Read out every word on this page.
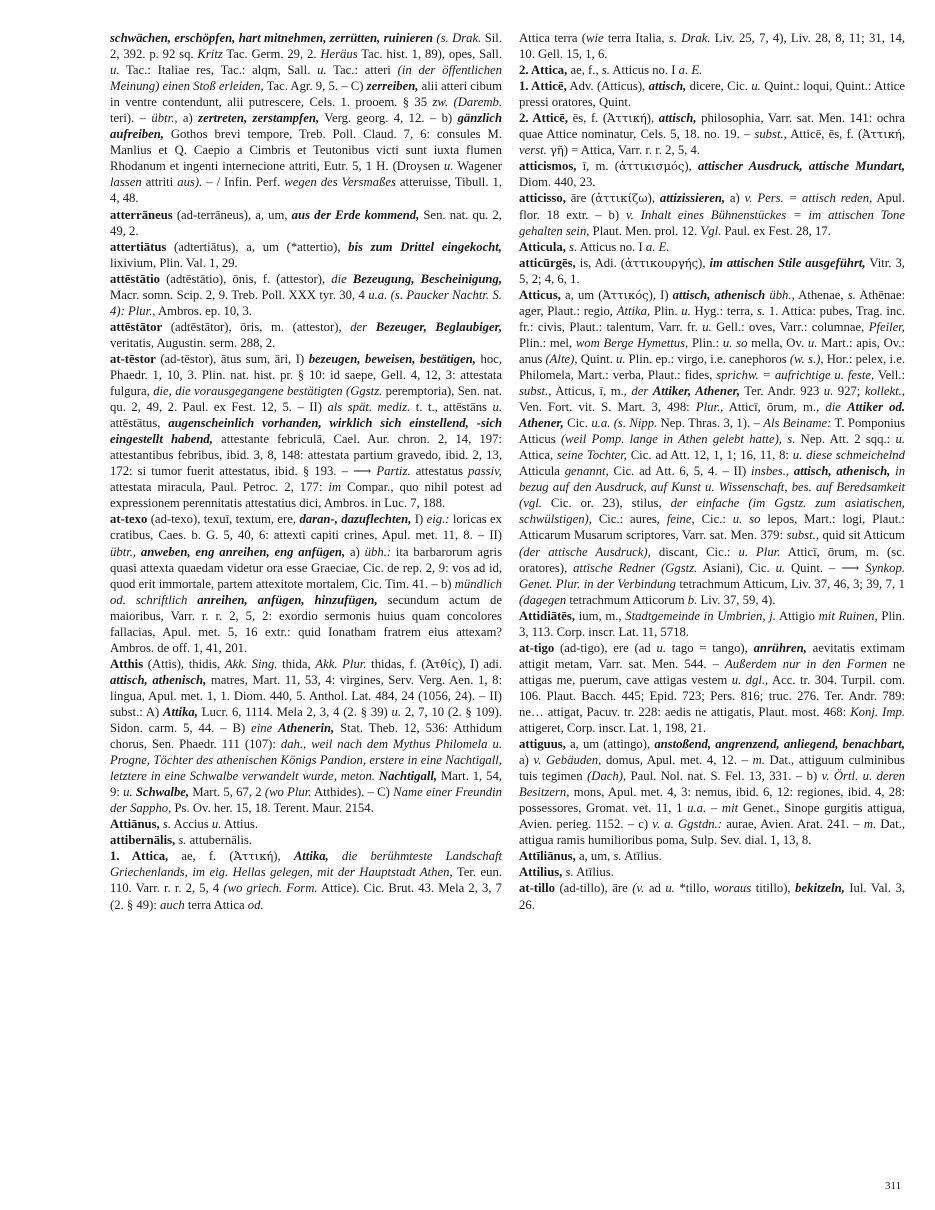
schwächen, erschöpfen, hart mitnehmen, zerrütten, ruinieren (s. Drak. Sil. 2, 392. p. 92 sq. Kritz Tac. Germ. 29, 2. Heräus Tac. hist. 1, 89), opes, Sall. u. Tac.: Italiae res, Tac.: alqm, Sall. u. Tac.: atteri (in der öffentlichen Meinung) einen Stoß erleiden, Tac. Agr. 9, 5. – C) zerreiben, alii atteri cibum in ventre contendunt, alii putrescere, Cels. 1. prooem. § 35 zw. (Daremb. teri). – übtr., a) zertreten, zerstampfen, Verg. georg. 4, 12. – b) gänzlich aufreiben, Gothos brevi tempore, Treb. Poll. Claud. 7, 6: consules M. Manlius et Q. Caepio a Cimbris et Teutonibus victi sunt iuxta flumen Rhodanum et ingenti internecione attriti, Eutr. 5, 1 H. (Droysen u. Wagener lassen attriti aus). – / Infin. Perf. wegen des Versmaßes atteruisse, Tibull. 1, 4, 48.

atterrāneus (ad-terrāneus), a, um, aus der Erde kommend, Sen. nat. qu. 2, 49, 2.

attertiātus (adtertiātus), a, um (*attertio), bis zum Drittel eingekocht, lixivium, Plin. Val. 1, 29.

attēstātio (adtēstātio), ōnis, f. (attestor), die Bezeugung, Bescheinigung, Macr. somn. Scip. 2, 9. Treb. Poll. XXX tyr. 30, 4 u.a. (s. Paucker Nachtr. S. 4): Plur., Ambros. ep. 10, 3.

attēstātor (adtēstātor), ōris, m. (attestor), der Bezeuger, Beglaubiger, veritatis, Augustin. serm. 288, 2.

at-tēstor (ad-tēstor), ātus sum, āri, I) bezeugen, beweisen, bestätigen, hoc, Phaedr. 1, 10, 3. Plin. nat. hist. pr. § 10: id saepe, Gell. 4, 12, 3: attestata fulgura, die, die vorausgegangene bestätigten (Ggstz. peremptoria), Sen. nat. qu. 2, 49, 2. Paul. ex Fest. 12, 5. – II) als spät. mediz. t. t., attēstāns u. attēstātus, augenscheinlich vorhanden, wirklich sich einstellend, -sich eingestellt habend, attestante febriculā, Cael. Aur. chron. 2, 14, 197: attestantibus febribus, ibid. 3, 8, 148: attestata partium gravedo, ibid. 2, 13, 172: si tumor fuerit attestatus, ibid. § 193. – ⟶ Partiz. attestatus passiv, attestata miracula, Paul. Petroc. 2, 177: im Compar., quo nihil potest ad expressionem perennitatis attestatius dici, Ambros. in Luc. 7, 188.

at-texo (ad-texo), texuī, textum, ere, daran-, dazuflechten, I) eig.: loricas ex cratibus, Caes. b. G. 5, 40, 6: attexti capiti crines, Apul. met. 11, 8. – II) übtr., anweben, eng anreihen, eng anfügen, a) übh.: ita barbarorum agris quasi attexta quaedam videtur ora esse Graeciae, Cic. de rep. 2, 9: vos ad id, quod erit immortale, partem attexitote mortalem, Cic. Tim. 41. – b) mündlich od. schriftlich anreihen, anfügen, hinzufügen, secundum actum de maioribus, Varr. r. r. 2, 5, 2: exordio sermonis huius quam concolores fallacias, Apul. met. 5, 16 extr.: quid Ionatham fratrem eius attexam? Ambros. de off. 1, 41, 201.

Atthis (Attis), thidis, Akk. Sing. thida, Akk. Plur. thidas, f. (Ἀτθίς), I) adi. attisch, athenisch, matres, Mart. 11, 53, 4: virgines, Serv. Verg. Aen. 1, 8: lingua, Apul. met. 1, 1. Diom. 440, 5. Anthol. Lat. 484, 24 (1056, 24). – II) subst.: A) Attika, Lucr. 6, 1114. Mela 2, 3, 4 (2. § 39) u. 2, 7, 10 (2. § 109). Sidon. carm. 5, 44. – B) eine Athenerin, Stat. Theb. 12, 536: Atthidum chorus, Sen. Phaedr. 111 (107): dah., weil nach dem Mythus Philomela u. Progne, Töchter des athenischen Königs Pandion, erstere in eine Nachtigall, letztere in eine Schwalbe verwandelt wurde, meton. Nachtigall, Mart. 1, 54, 9: u. Schwalbe, Mart. 5, 67, 2 (wo Plur. Atthides). – C) Name einer Freundin der Sappho, Ps. Ov. her. 15, 18. Terent. Maur. 2154.

Attiānus, s. Accius u. Attius.

attibernālis, s. attubernālis.

1. Attica, ae, f. (Ἀττική), Attika, die berühmteste Landschaft Griechenlands, im eig. Hellas gelegen, mit der Hauptstadt Athen, Ter. eun. 110. Varr. r. r. 2, 5, 4 (wo griech. Form. Attice). Cic. Brut. 43. Mela 2, 3, 7 (2. § 49): auch terra Attica od.

Attica terra (wie terra Italia, s. Drak. Liv. 25, 7, 4), Liv. 28, 8, 11; 31, 14, 10. Gell. 15, 1, 6.

2. Attica, ae, f., s. Atticus no. I a. E.

1. Atticē, Adv. (Atticus), attisch, dicere, Cic. u. Quint.: loqui, Quint.: Attice pressi oratores, Quint.

2. Atticē, ēs, f. (Ἀττική), attisch, philosophia, Varr. sat. Men. 141: ochra quae Attice nominatur, Cels. 5, 18. no. 19. – subst., Atticē, ēs, f. (Ἀττική, verst. γῆ) = Attica, Varr. r. r. 2, 5, 4.

atticismos, ī, m. (ἀττικισμός), attischer Ausdruck, attische Mundart, Diom. 440, 23.

atticisso, āre (ἀττικίζω), attizissieren, a) v. Pers. = attisch reden, Apul. flor. 18 extr. – b) v. Inhalt eines Bühnenstückes = im attischen Tone gehalten sein, Plaut. Men. prol. 12. Vgl. Paul. ex Fest. 28, 17.

Atticula, s. Atticus no. I a. E.

atticūrgēs, is, Adi. (ἀττικουργής), im attischen Stile ausgeführt, Vitr. 3, 5, 2; 4, 6, 1.

Atticus, a, um (Ἀττικός), I) attisch, athenisch übh., Athenae, s. Athēnae: ager, Plaut.: regio, Attika, Plin. u. Hyg.: terra, s. 1. Attica: pubes, Trag. inc. fr.: civis, Plaut.: talentum, Varr. fr. u. Gell.: oves, Varr.: columnae, Pfeiler, Plin.: mel, wom Berge Hymettus, Plin.: u. so mella, Ov. u. Mart.: apis, Ov.: anus (Alte), Quint. u. Plin. ep.: virgo, i.e. canephoros (w. s.), Hor.: pelex, i.e. Philomela, Mart.: verba, Plaut.: fides, sprichw. = aufrichtige u. feste, Vell.: subst., Atticus, ī, m., der Attiker, Athener, Ter. Andr. 923 u. 927; kollekt., Ven. Fort. vit. S. Mart. 3, 498: Plur., Atticī, ōrum, m., die Attiker od. Athener, Cic. u.a. (s. Nipp. Nep. Thras. 3, 1). – Als Beiname: T. Pomponius Atticus (weil Pomp. lange in Athen gelebt hatte), s. Nep. Att. 2 sqq.: u. Attica, seine Tochter, Cic. ad Att. 12, 1, 1; 16, 11, 8: u. diese schmeichelnd Atticula genannt, Cic. ad Att. 6, 5, 4. – II) insbes., attisch, athenisch, in bezug auf den Ausdruck, auf Kunst u. Wissenschaft, bes. auf Beredsamkeit (vgl. Cic. or. 23), stilus, der einfache (im Ggstz. zum asiatischen, schwülstigen), Cic.: aures, feine, Cic.: u. so lepos, Mart.: logi, Plaut.: Atticarum Musarum scriptores, Varr. sat. Men. 379: subst., quid sit Atticum (der attische Ausdruck), discant, Cic.: u. Plur. Atticī, ōrum, m. (sc. oratores), attische Redner (Ggstz. Asiani), Cic. u. Quint. – ⟶ Synkop. Genet. Plur. in der Verbindung tetrachmum Atticum, Liv. 37, 46, 3; 39, 7, 1 (dagegen tetrachmum Atticorum b. Liv. 37, 59, 4).

Attidiātēs, ium, m., Stadtgemeinde in Umbrien, j. Attigio mit Ruinen, Plin. 3, 113. Corp. inscr. Lat. 11, 5718.

at-tigo (ad-tigo), ere (ad u. tago = tango), anrühren, aevitatis extimam attigit metam, Varr. sat. Men. 544. – Außerdem nur in den Formen ne attigas me, puerum, cave attigas vestem u. dgl., Acc. tr. 304. Turpil. com. 106. Plaut. Bacch. 445; Epid. 723; Pers. 816; truc. 276. Ter. Andr. 789: ne… attigat, Pacuv. tr. 228: aedis ne attigatis, Plaut. most. 468: Konj. Imp. attigeret, Corp. inscr. Lat. 1, 198, 21.

attiguus, a, um (attingo), anstoßend, angrenzend, anliegend, benachbart, a) v. Gebäuden, domus, Apul. met. 4, 12. – m. Dat., attiguum culminibus tuis tegimen (Dach), Paul. Nol. nat. S. Fel. 13, 331. – b) v. Örtl. u. deren Besitzern, mons, Apul. met. 4, 3: nemus, ibid. 6, 12: regiones, ibid. 4, 28: possessores, Gromat. vet. 11, 1 u.a. – mit Genet., Sinope gurgitis attigua, Avien. perieg. 1152. – c) v. a. Ggstdn.: aurae, Avien. Arat. 241. – m. Dat., attigua ramis humilioribus poma, Sulp. Sev. dial. 1, 13, 8.

Attīliānus, a, um, s. Atīlius.

Attilius, s. Atīlius.

at-tillo (ad-tillo), āre (v. ad u. *tillo, woraus titillo), bekitzeln, Iul. Val. 3, 26.

311
